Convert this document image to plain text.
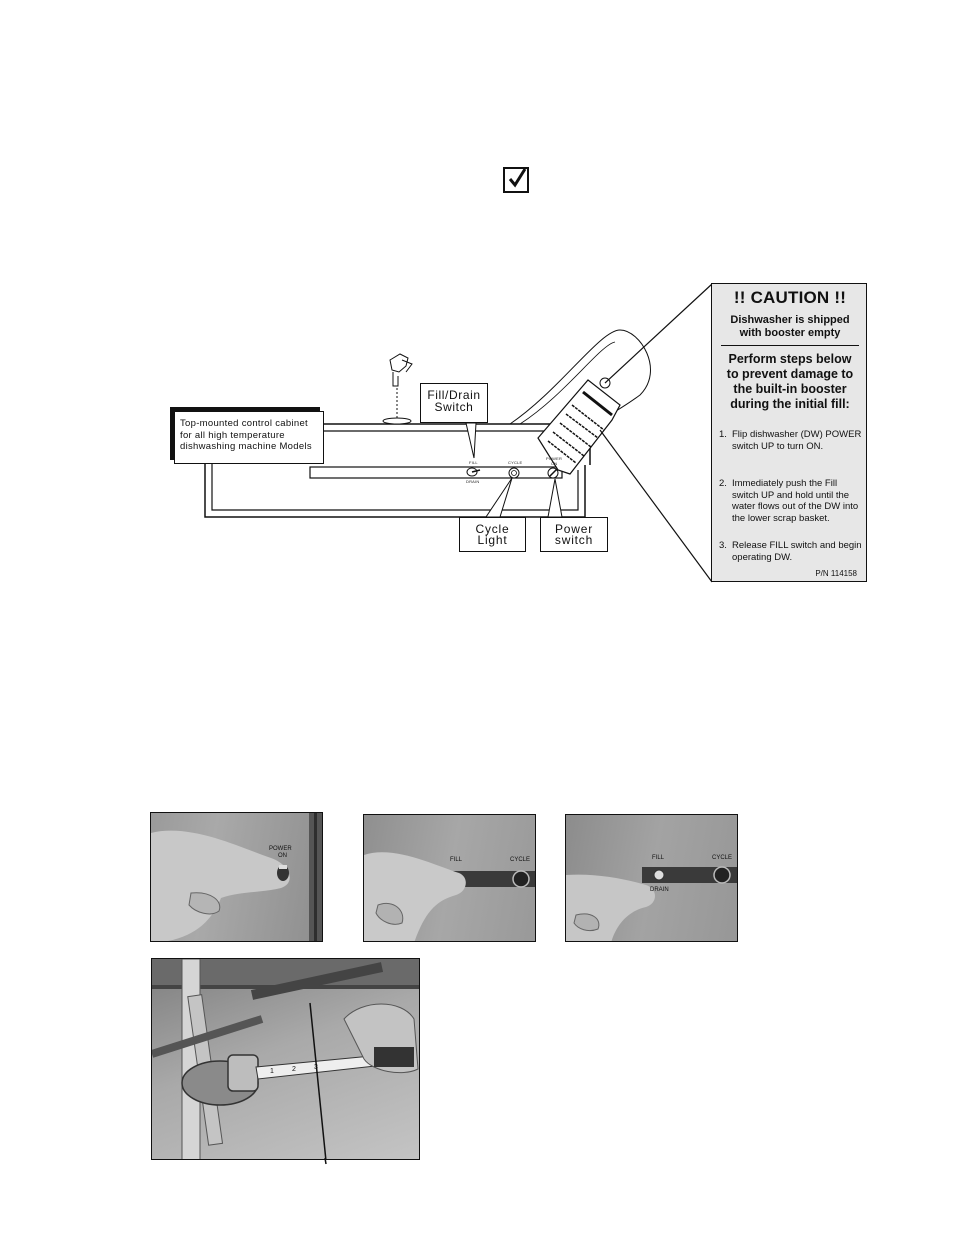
FILL
DRAIN
CYCLE
POWER
ON
Top-mounted control cabinet for all high temperature dishwashing machine Models
Fill/Drain
Switch
Cycle
Light
Power
switch
!! CAUTION !!
Dishwasher is shipped
with booster empty
Perform steps below
to prevent damage to
the built-in booster
during the initial fill:
1. Flip dishwasher (DW) POWER switch UP to turn ON.
2. Immediately push the Fill switch UP and hold until the water flows out of the DW into the lower scrap basket.
3. Release FILL switch and begin operating DW.
P/N 114158
POWER
ON
FILL	CYCLE	FILL	CYCLE
DRAIN
1	2	3
